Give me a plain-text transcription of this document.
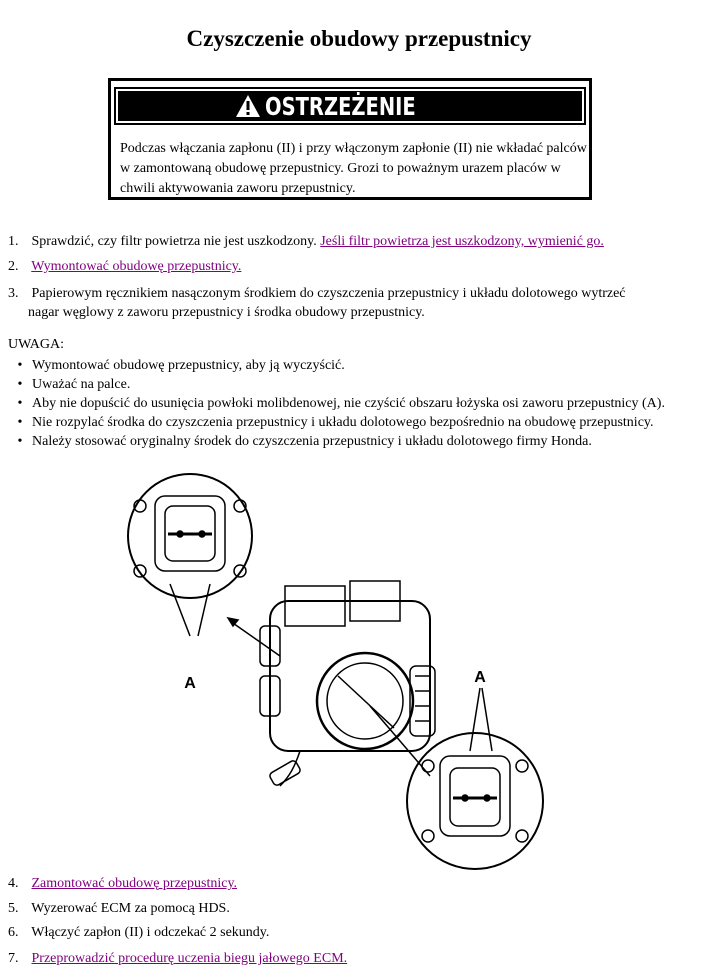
Czyszczenie obudowy przepustnicy
OSTRZEŻENIE
Podczas włączania zapłonu (II) i przy włączonym zapłonie (II) nie wkładać palców w zamontowaną obudowę przepustnicy. Grozi to poważnym urazem placów w chwili aktywowania zaworu przepustnicy.
1. Sprawdzić, czy filtr powietrza nie jest uszkodzony. Jeśli filtr powietrza jest uszkodzony, wymienić go.
2. Wymontować obudowę przepustnicy.
3. Papierowym ręcznikiem nasączonym środkiem do czyszczenia przepustnicy i układu dolotowego wytrzeć
nagar węglowy z zaworu przepustnicy i środka obudowy przepustnicy.
UWAGA:
• Wymontować obudowę przepustnicy, aby ją wyczyścić.
• Uważać na palce.
• Aby nie dopuścić do usunięcia powłoki molibdenowej, nie czyścić obszaru łożyska osi zaworu przepustnicy (A).
• Nie rozpylać środka do czyszczenia przepustnicy i układu dolotowego bezpośrednio na obudowę przepustnicy.
• Należy stosować oryginalny środek do czyszczenia przepustnicy i układu dolotowego firmy Honda.
A	A
4. Zamontować obudowę przepustnicy.
5. Wyzerować ECM za pomocą HDS.
6. Włączyć zapłon (II) i odczekać 2 sekundy.
7. Przeprowadzić procedurę uczenia biegu jałowego ECM.
